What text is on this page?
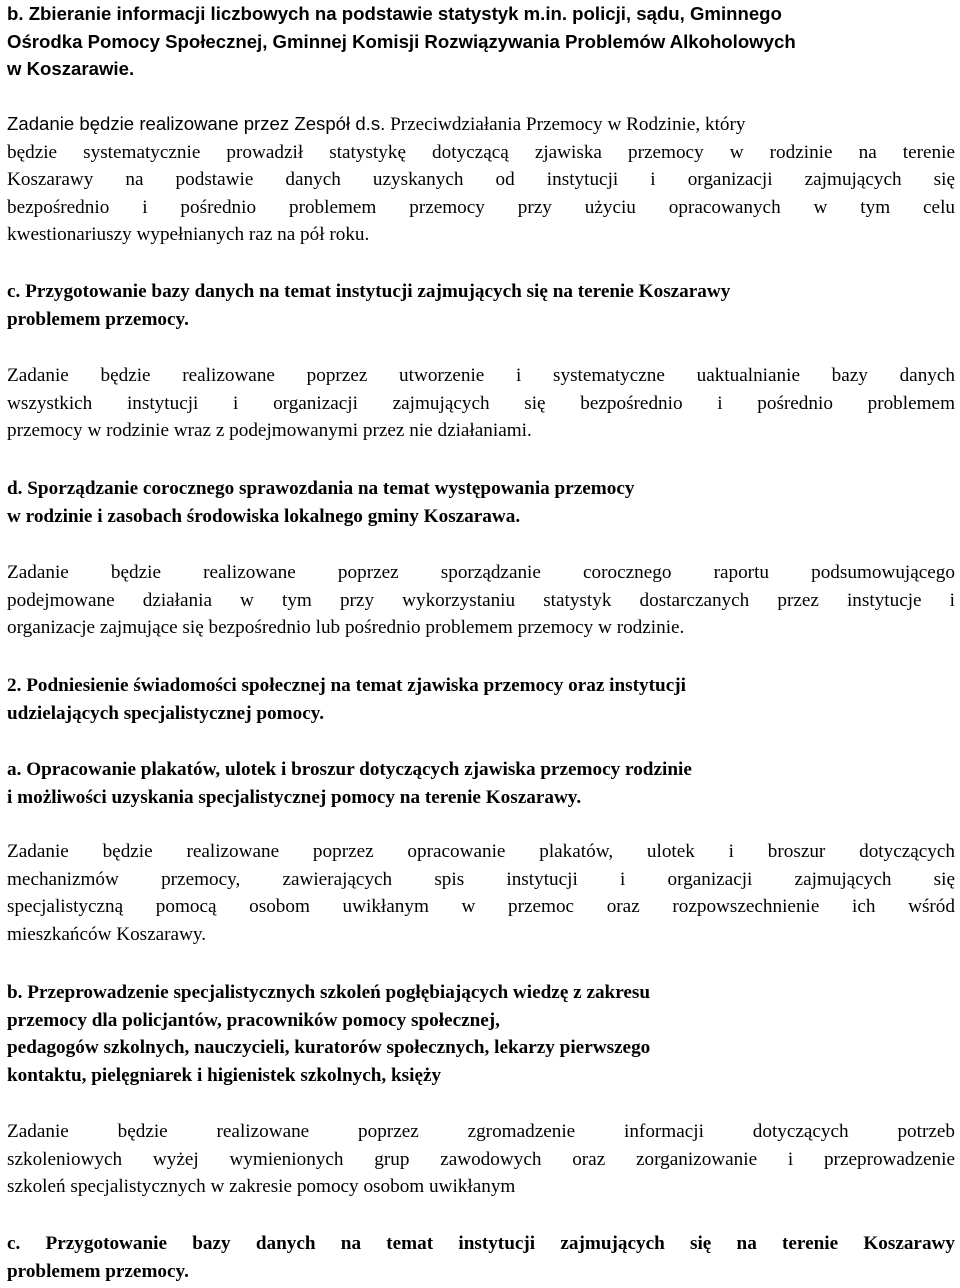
b. Zbieranie informacji liczbowych na podstawie statystyk m.in. policji, sądu, Gminnego
Ośrodka Pomocy Społecznej, Gminnej Komisji Rozwiązywania Problemów Alkoholowych
w Koszarawie.
Zadanie będzie realizowane przez Zespół d.s. Przeciwdziałania Przemocy w Rodzinie, który
będzie systematycznie prowadził statystykę dotyczącą zjawiska przemocy w rodzinie na terenie
Koszarawy na podstawie danych uzyskanych od instytucji i organizacji zajmujących się
bezpośrednio i pośrednio problemem przemocy przy użyciu opracowanych w tym celu
kwestionariuszy wypełnianych raz na pół roku.
c. Przygotowanie bazy danych na temat instytucji zajmujących się na terenie Koszarawy
problemem przemocy.
Zadanie będzie realizowane poprzez utworzenie i systematyczne uaktualnianie bazy danych
wszystkich instytucji i organizacji zajmujących się bezpośrednio i pośrednio problemem
przemocy w rodzinie wraz z podejmowanymi przez nie działaniami.
d. Sporządzanie corocznego sprawozdania na temat występowania przemocy
w rodzinie i zasobach środowiska lokalnego gminy Koszarawa.
Zadanie będzie realizowane poprzez sporządzanie corocznego raportu podsumowującego
podejmowane działania w tym przy wykorzystaniu statystyk dostarczanych przez instytucje i
organizacje zajmujące się bezpośrednio lub pośrednio problemem przemocy w rodzinie.
2. Podniesienie świadomości społecznej na temat zjawiska przemocy oraz instytucji
udzielających specjalistycznej pomocy.
a. Opracowanie plakatów, ulotek i broszur dotyczących zjawiska przemocy rodzinie
i możliwości uzyskania specjalistycznej pomocy na terenie Koszarawy.
Zadanie będzie realizowane poprzez opracowanie plakatów, ulotek i broszur dotyczących
mechanizmów przemocy, zawierających spis instytucji i organizacji zajmujących się
specjalistyczną pomocą osobom uwikłanym w przemoc oraz rozpowszechnienie ich wśród
mieszkańców Koszarawy.
b. Przeprowadzenie specjalistycznych szkoleń pogłębiających wiedzę z zakresu
przemocy dla policjantów, pracowników pomocy społecznej,
pedagogów szkolnych, nauczycieli, kuratorów społecznych, lekarzy pierwszego
kontaktu, pielęgniarek i higienistek szkolnych, księży
Zadanie będzie realizowane poprzez zgromadzenie informacji dotyczących potrzeb
szkoleniowych wyżej wymienionych grup zawodowych oraz zorganizowanie i przeprowadzenie
szkoleń specjalistycznych w zakresie pomocy osobom uwikłanym
c. Przygotowanie bazy danych na temat instytucji zajmujących się na terenie Koszarawy
problemem przemocy.
